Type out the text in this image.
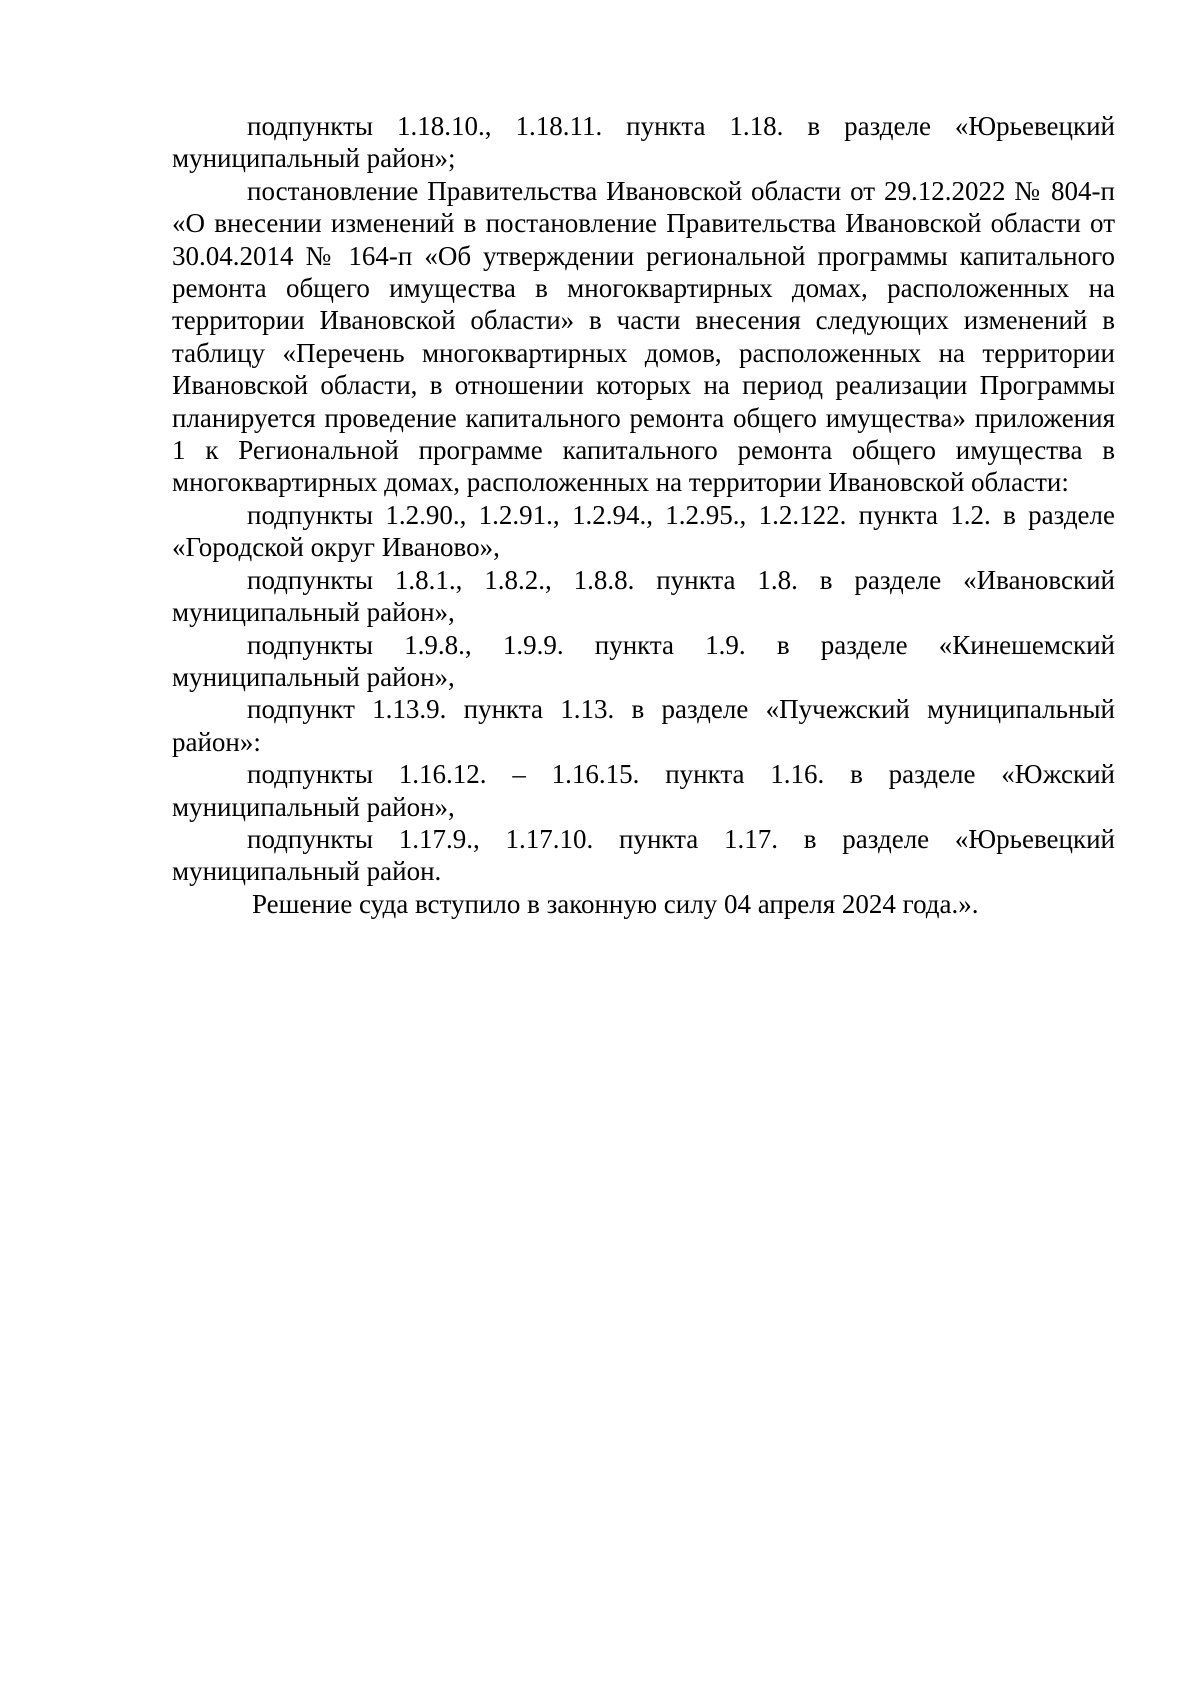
подпункты 1.18.10., 1.18.11. пункта 1.18. в разделе «Юрьевецкий муниципальный район»;

постановление Правительства Ивановской области от 29.12.2022 № 804-п «О внесении изменений в постановление Правительства Ивановской области от 30.04.2014 № 164-п «Об утверждении региональной программы капитального ремонта общего имущества в многоквартирных домах, расположенных на территории Ивановской области» в части внесения следующих изменений в таблицу «Перечень многоквартирных домов, расположенных на территории Ивановской области, в отношении которых на период реализации Программы планируется проведение капитального ремонта общего имущества» приложения 1 к Региональной программе капитального ремонта общего имущества в многоквартирных домах, расположенных на территории Ивановской области:

подпункты 1.2.90., 1.2.91., 1.2.94., 1.2.95., 1.2.122. пункта 1.2. в разделе «Городской округ Иваново»,

подпункты 1.8.1., 1.8.2., 1.8.8. пункта 1.8. в разделе «Ивановский муниципальный район»,

подпункты 1.9.8., 1.9.9. пункта 1.9. в разделе «Кинешемский муниципальный район»,

подпункт 1.13.9. пункта 1.13. в разделе «Пучежский муниципальный район»:

подпункты 1.16.12. – 1.16.15. пункта 1.16. в разделе «Южский муниципальный район»,

подпункты 1.17.9., 1.17.10. пункта 1.17. в разделе «Юрьевецкий муниципальный район.

Решение суда вступило в законную силу 04 апреля 2024 года.».
